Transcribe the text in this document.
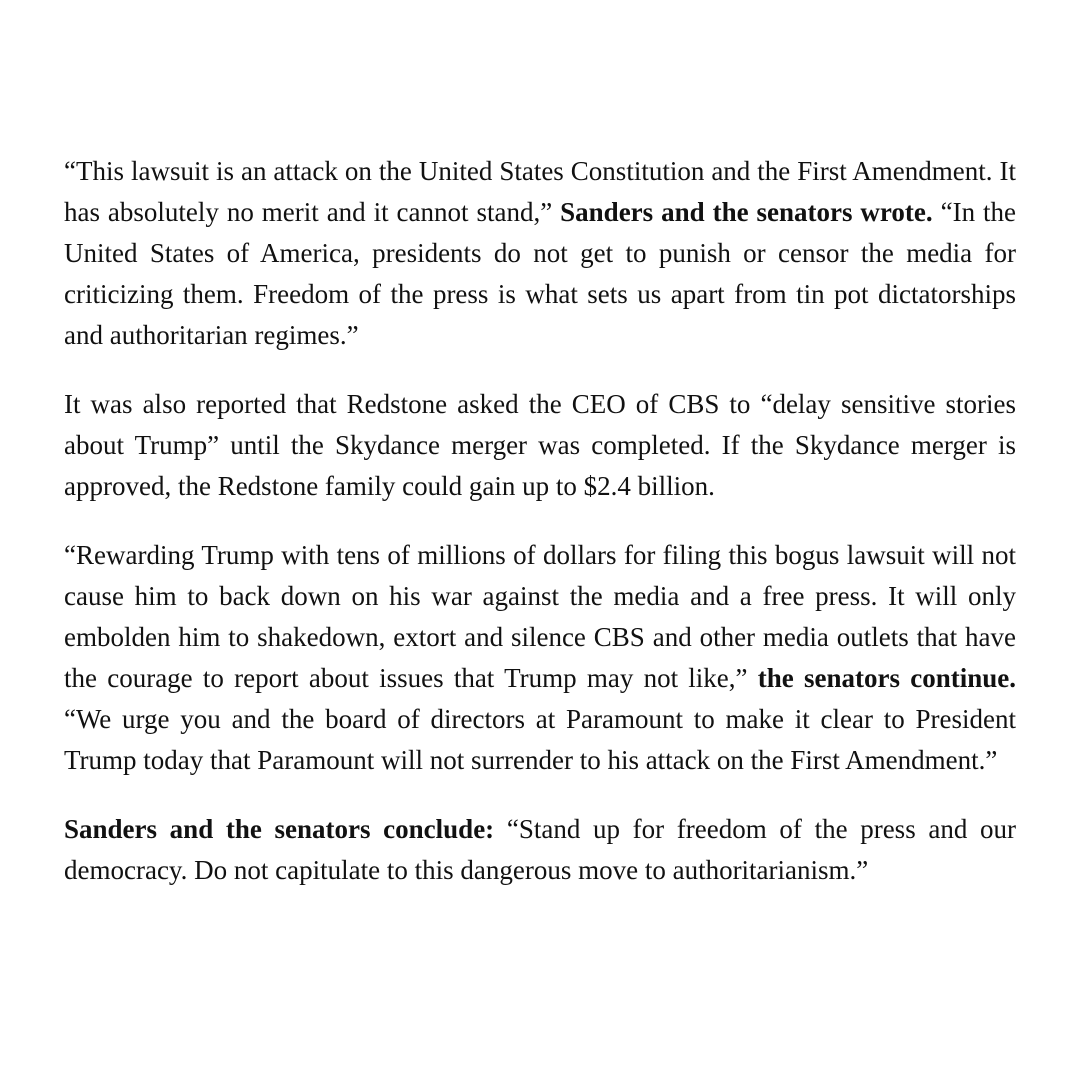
“This lawsuit is an attack on the United States Constitution and the First Amendment. It has absolutely no merit and it cannot stand,” Sanders and the senators wrote. “In the United States of America, presidents do not get to punish or censor the media for criticizing them. Freedom of the press is what sets us apart from tin pot dictatorships and authoritarian regimes.”

It was also reported that Redstone asked the CEO of CBS to “delay sensitive stories about Trump” until the Skydance merger was completed. If the Skydance merger is approved, the Redstone family could gain up to $2.4 billion.

“Rewarding Trump with tens of millions of dollars for filing this bogus lawsuit will not cause him to back down on his war against the media and a free press. It will only embolden him to shakedown, extort and silence CBS and other media outlets that have the courage to report about issues that Trump may not like,” the senators continue. “We urge you and the board of directors at Paramount to make it clear to President Trump today that Paramount will not surrender to his attack on the First Amendment.”

Sanders and the senators conclude: “Stand up for freedom of the press and our democracy. Do not capitulate to this dangerous move to authoritarianism.”
